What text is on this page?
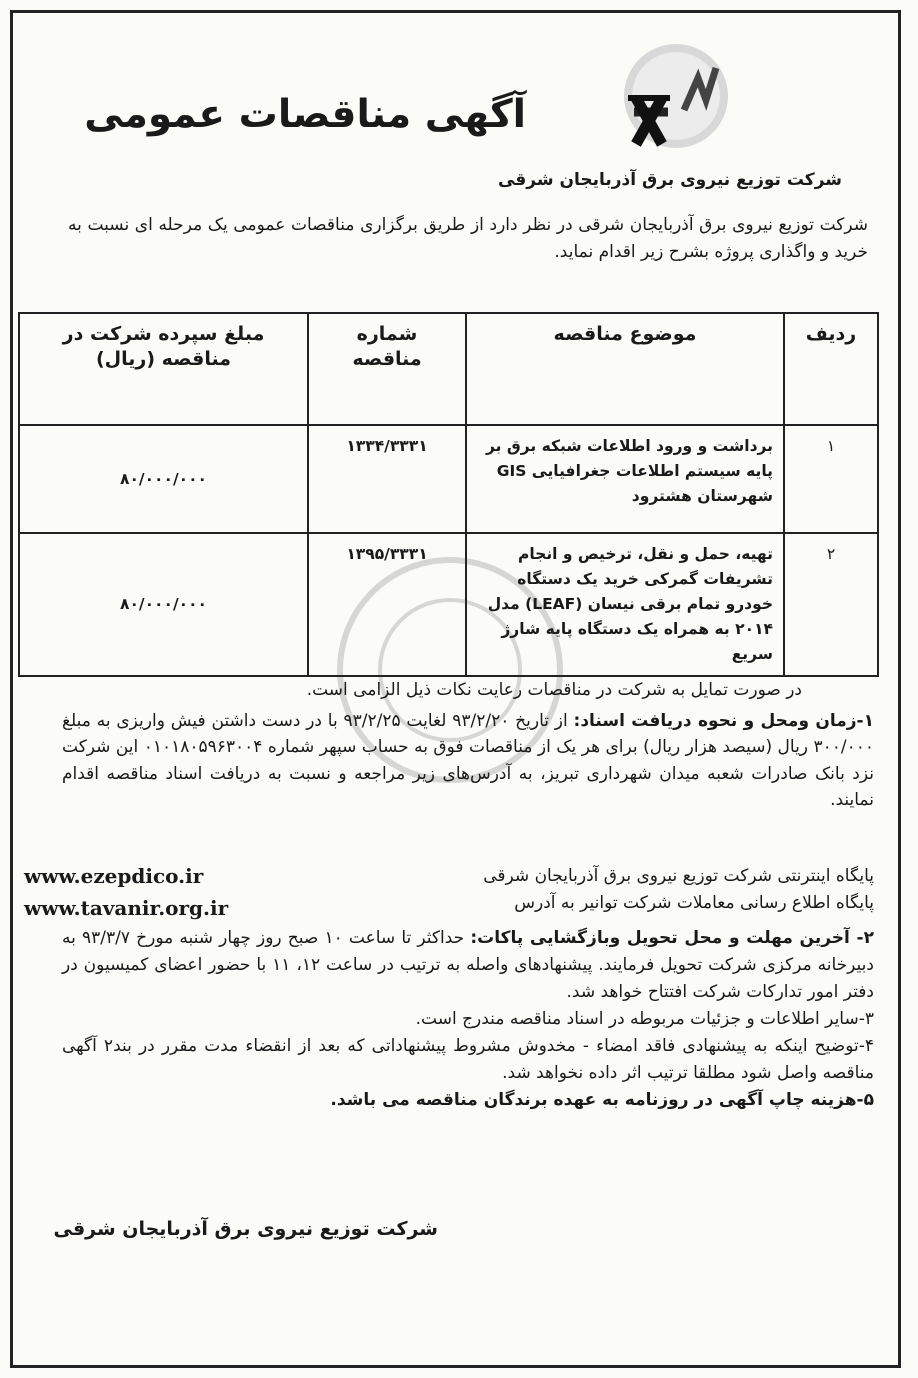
آگهی مناقصات عمومی
شرکت توزیع نیروی برق آذربایجان شرقی
شرکت توزیع نیروی برق آذربایجان شرقی در نظر دارد از طریق برگزاری مناقصات عمومی یک مرحله ای نسبت به خرید و واگذاری پروژه بشرح زیر اقدام نماید.
ردیف	موضوع مناقصه	شماره مناقصه	مبلغ سپرده شرکت در مناقصه (ریال)
۱	برداشت و ورود اطلاعات شبکه برق بر پایه سیستم اطلاعات جغرافیایی GIS شهرستان هشترود	۱۳۳۴/۳۳۳۱	۸۰/۰۰۰/۰۰۰
۲	تهیه، حمل و نقل، ترخیص و انجام تشریفات گمرکی خرید یک دستگاه خودرو تمام برقی نیسان (LEAF) مدل ۲۰۱۴ به همراه یک دستگاه پایه شارژ سریع	۱۳۹۵/۳۳۳۱	۸۰/۰۰۰/۰۰۰
در صورت تمایل به شرکت در مناقصات رعایت نکات ذیل الزامی است.

۱-زمان ومحل و نحوه دریافت اسناد: از تاریخ ۹۳/۲/۲۰ لغایت ۹۳/۲/۲۵ با در دست داشتن فیش واریزی به مبلغ ۳۰۰/۰۰۰ ریال (سیصد هزار ریال) برای هر یک از مناقصات فوق به حساب سپهر شماره ۰۱۰۱۸۰۵۹۶۳۰۰۴ این شرکت نزد بانک صادرات شعبه میدان شهرداری تبریز، به آدرس‌های زیر مراجعه و نسبت به دریافت اسناد مناقصه اقدام نمایند.

پایگاه اینترنتی شرکت توزیع نیروی برق آذربایجان شرقی
www.ezepdico.ir
پایگاه اطلاع رسانی معاملات شرکت توانیر به آدرس
www.tavanir.org.ir

۲- آخرین مهلت و محل تحویل وبازگشایی پاکات: حداکثر تا ساعت ۱۰ صبح روز چهار شنبه مورخ ۹۳/۳/۷ به دبیرخانه مرکزی شرکت تحویل فرمایند. پیشنهادهای واصله به ترتیب در ساعت ۱۲، ۱۱ با حضور اعضای کمیسیون در دفتر امور تدارکات شرکت افتتاح خواهد شد.

۳-سایر اطلاعات و جزئیات مربوطه در اسناد مناقصه مندرج است.

۴-توضیح اینکه به پیشنهادی فاقد امضاء - مخدوش مشروط پیشنهاداتی که بعد از انقضاء مدت مقرر در بند۲ آگهی مناقصه واصل شود مطلقا ترتیب اثر داده نخواهد شد.

۵-هزینه چاپ آگهی در روزنامه به عهده برندگان مناقصه می باشد.

شرکت توزیع نیروی برق آذربایجان شرقی
